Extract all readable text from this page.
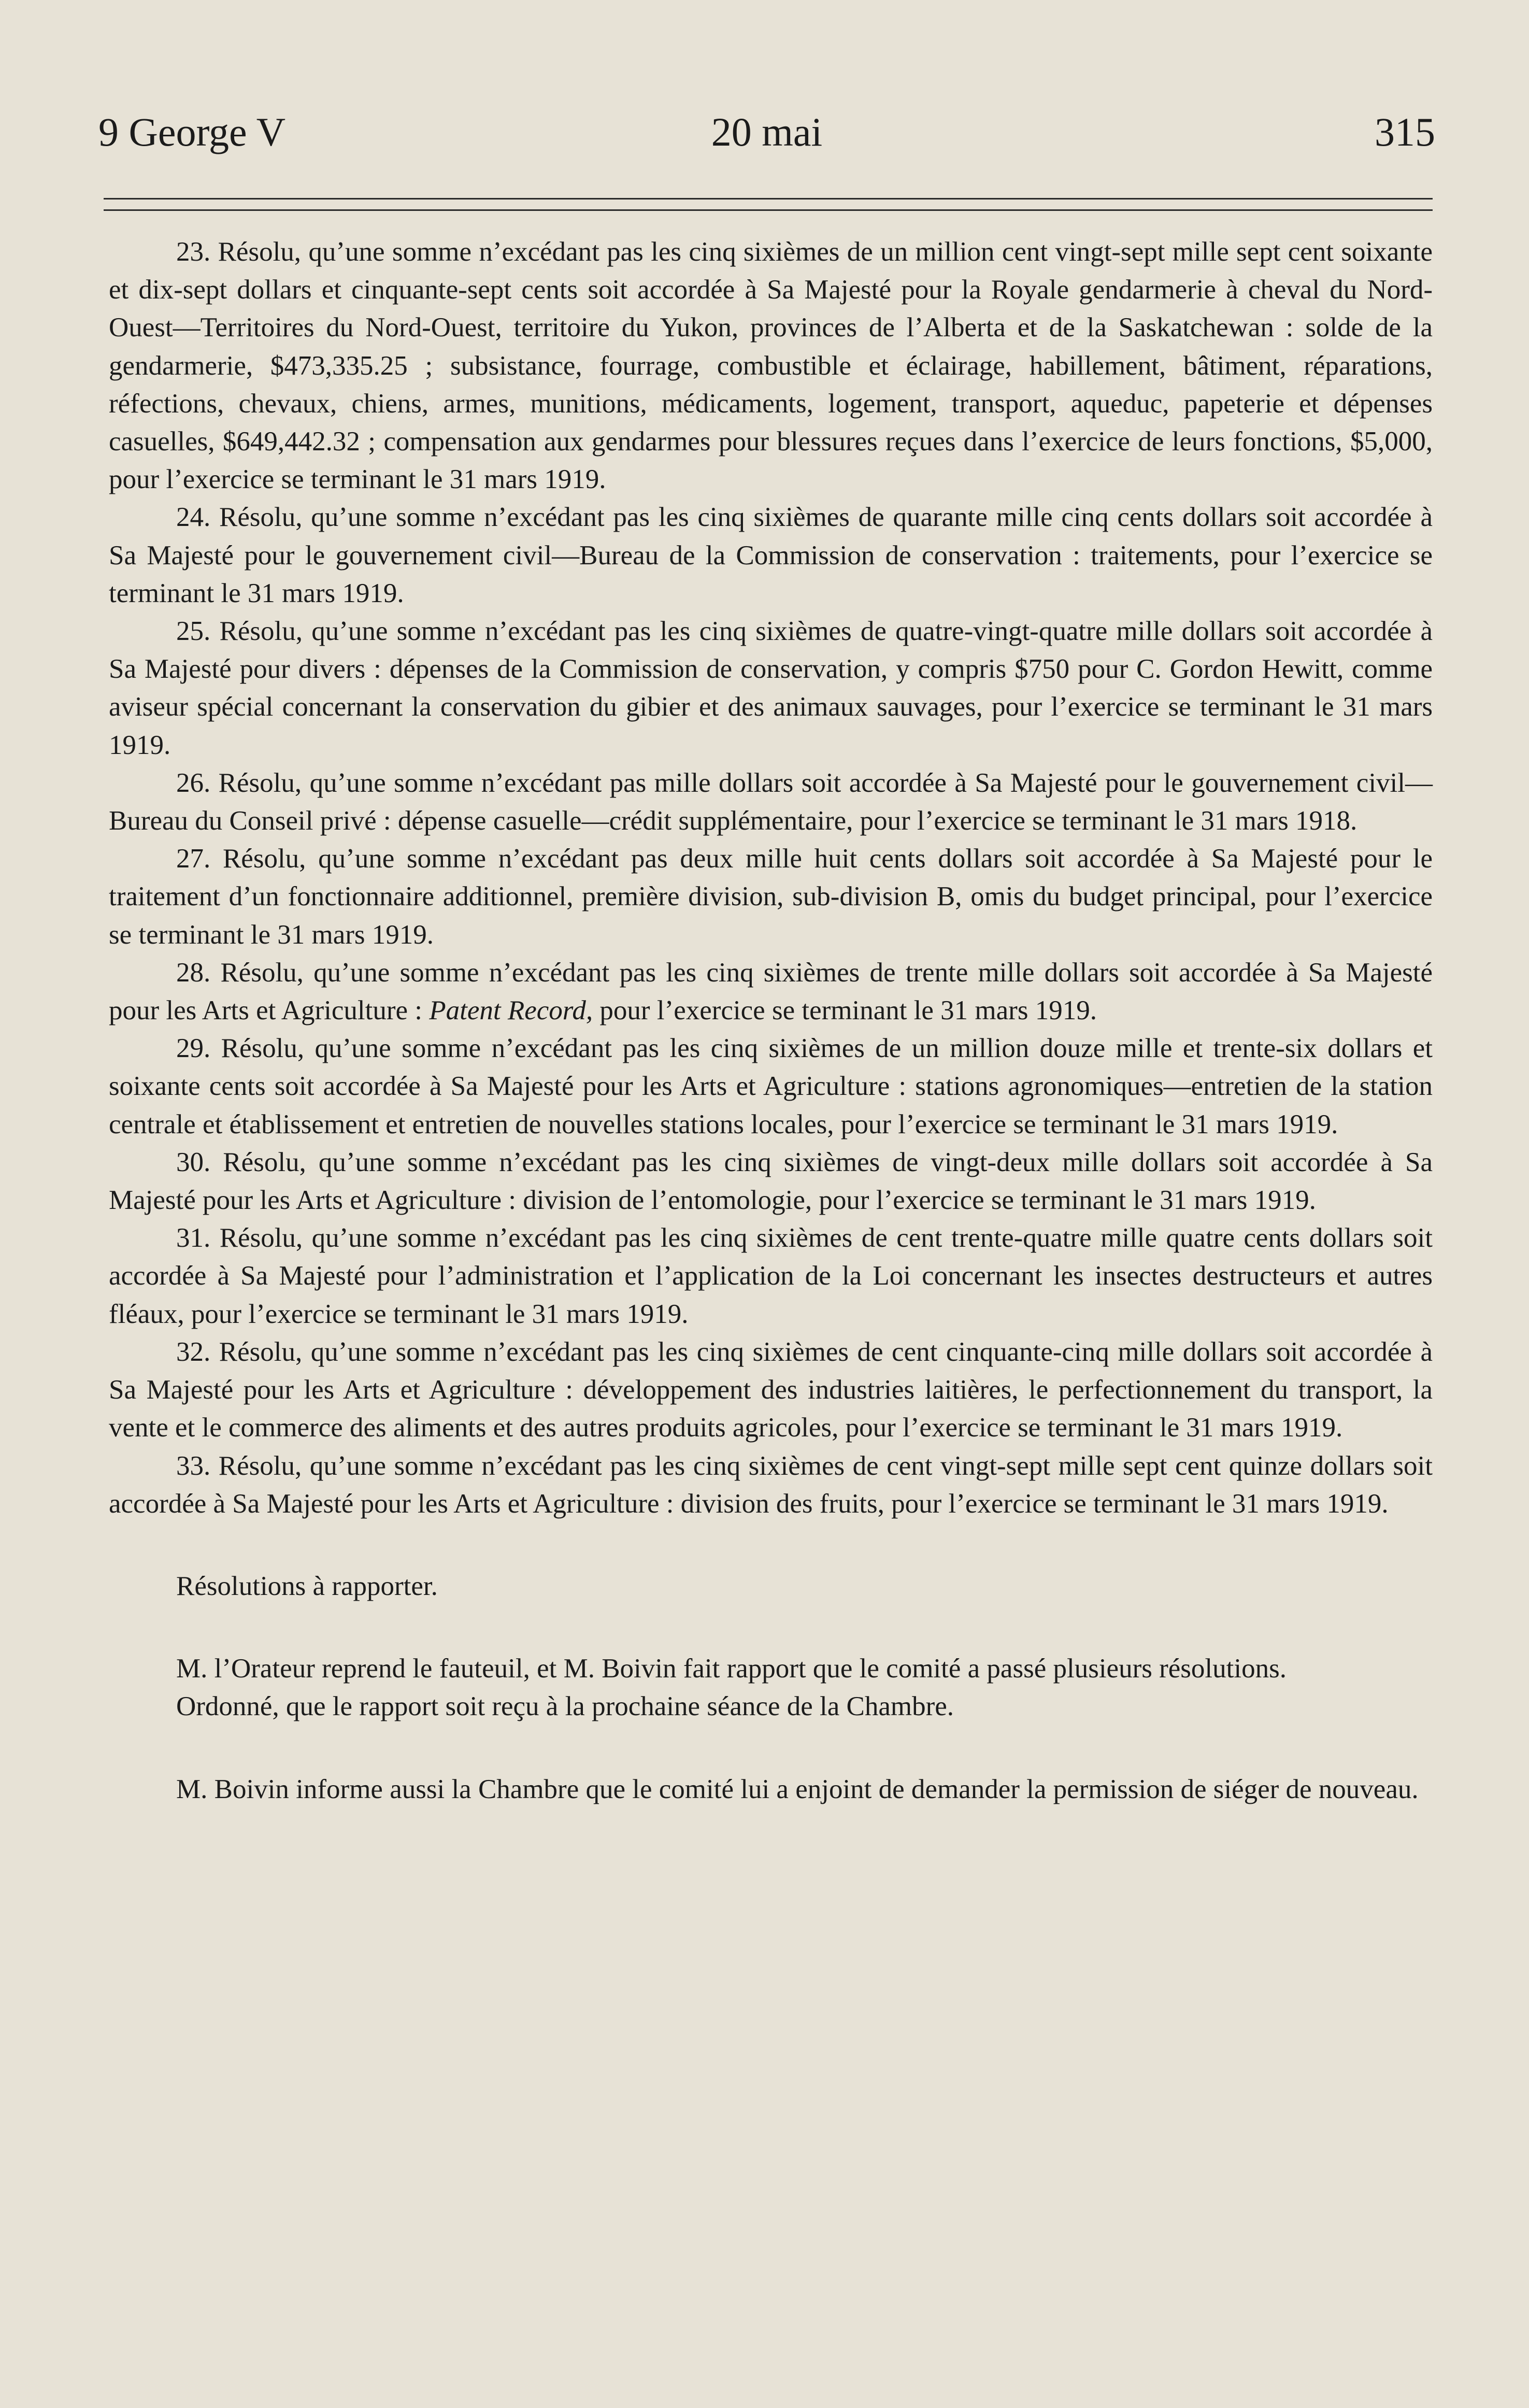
9 George V	20 mai	315

23. Résolu, qu’une somme n’excédant pas les cinq sixièmes de un million cent vingt-sept mille sept cent soixante et dix-sept dollars et cinquante-sept cents soit accordée à Sa Majesté pour la Royale gendarmerie à cheval du Nord-Ouest—Territoires du Nord-Ouest, territoire du Yukon, provinces de l’Alberta et de la Saskatchewan : solde de la gendarmerie, $473,335.25 ; subsistance, fourrage, combustible et éclairage, habillement, bâtiment, réparations, réfections, chevaux, chiens, armes, munitions, médicaments, logement, transport, aqueduc, papeterie et dépenses casuelles, $649,442.32 ; compensation aux gendarmes pour blessures reçues dans l’exercice de leurs fonctions, $5,000, pour l’exercice se terminant le 31 mars 1919.

24. Résolu, qu’une somme n’excédant pas les cinq sixièmes de quarante mille cinq cents dollars soit accordée à Sa Majesté pour le gouvernement civil—Bureau de la Commission de conservation : traitements, pour l’exercice se terminant le 31 mars 1919.

25. Résolu, qu’une somme n’excédant pas les cinq sixièmes de quatre-vingt-quatre mille dollars soit accordée à Sa Majesté pour divers : dépenses de la Commission de conservation, y compris $750 pour C. Gordon Hewitt, comme aviseur spécial concernant la conservation du gibier et des animaux sauvages, pour l’exercice se terminant le 31 mars 1919.

26. Résolu, qu’une somme n’excédant pas mille dollars soit accordée à Sa Majesté pour le gouvernement civil—Bureau du Conseil privé : dépense casuelle—crédit supplémentaire, pour l’exercice se terminant le 31 mars 1918.

27. Résolu, qu’une somme n’excédant pas deux mille huit cents dollars soit accordée à Sa Majesté pour le traitement d’un fonctionnaire additionnel, première division, sub-division B, omis du budget principal, pour l’exercice se terminant le 31 mars 1919.

28. Résolu, qu’une somme n’excédant pas les cinq sixièmes de trente mille dollars soit accordée à Sa Majesté pour les Arts et Agriculture : Patent Record, pour l’exercice se terminant le 31 mars 1919.

29. Résolu, qu’une somme n’excédant pas les cinq sixièmes de un million douze mille et trente-six dollars et soixante cents soit accordée à Sa Majesté pour les Arts et Agriculture : stations agronomiques—entretien de la station centrale et établissement et entretien de nouvelles stations locales, pour l’exercice se terminant le 31 mars 1919.

30. Résolu, qu’une somme n’excédant pas les cinq sixièmes de vingt-deux mille dollars soit accordée à Sa Majesté pour les Arts et Agriculture : division de l’entomologie, pour l’exercice se terminant le 31 mars 1919.

31. Résolu, qu’une somme n’excédant pas les cinq sixièmes de cent trente-quatre mille quatre cents dollars soit accordée à Sa Majesté pour l’administration et l’application de la Loi concernant les insectes destructeurs et autres fléaux, pour l’exercice se terminant le 31 mars 1919.

32. Résolu, qu’une somme n’excédant pas les cinq sixièmes de cent cinquante-cinq mille dollars soit accordée à Sa Majesté pour les Arts et Agriculture : développement des industries laitières, le perfectionnement du transport, la vente et le commerce des aliments et des autres produits agricoles, pour l’exercice se terminant le 31 mars 1919.

33. Résolu, qu’une somme n’excédant pas les cinq sixièmes de cent vingt-sept mille sept cent quinze dollars soit accordée à Sa Majesté pour les Arts et Agriculture : division des fruits, pour l’exercice se terminant le 31 mars 1919.

Résolutions à rapporter.

M. l’Orateur reprend le fauteuil, et M. Boivin fait rapport que le comité a passé plusieurs résolutions.

Ordonné, que le rapport soit reçu à la prochaine séance de la Chambre.

M. Boivin informe aussi la Chambre que le comité lui a enjoint de demander la permission de siéger de nouveau.
